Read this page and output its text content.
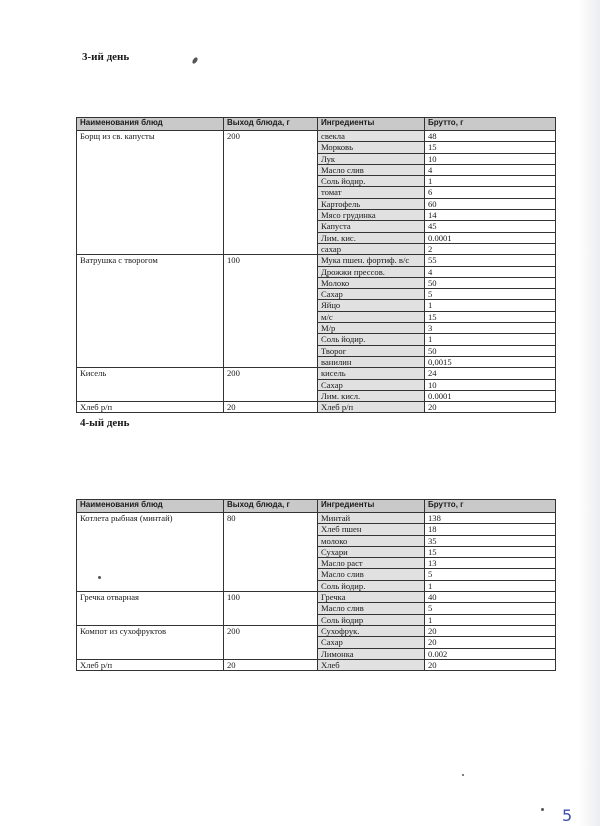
3-ий день
Наименования блюд	Выход блюда, г	Ингредиенты	Брутто, г
Борщ из св. капусты	200	свекла	48
		Морковь	15
		Лук	10
		Масло слив	4
		Соль йодир.	1
		томат	6
		Картофель	60
		Мясо грудинка	14
		Капуста	45
		Лим. кис.	0.0001
		сахар	2
Ватрушка с творогом	100	Мука пшен. фортиф. в/с	55
		Дрожжи прессов.	4
		Молоко	50
		Сахар	5
		Яйцо	1
		м/с	15
		М/р	3
		Соль йодир.	1
		Творог	50
		ванилин	0,0015
Кисель	200	кисель	24
		Сахар	10
		Лим. кисл.	0.0001
Хлеб р/п	20	Хлеб р/п	20
4-ый день
Наименования блюд	Выход блюда, г	Ингредиенты	Брутто, г
Котлета рыбная (минтай)	80	Минтай	138
		Хлеб пшен	18
		молоко	35
		Сухари	15
		Масло раст	13
		Масло слив	5
		Соль йодир.	1
Гречка отварная	100	Гречка	40
		Масло слив	5
		Соль йодир	1
Компот из сухофруктов	200	Сухофрук.	20
		Сахар	20
		Лимонка	0.002
Хлеб р/п	20	Хлеб	20
5
